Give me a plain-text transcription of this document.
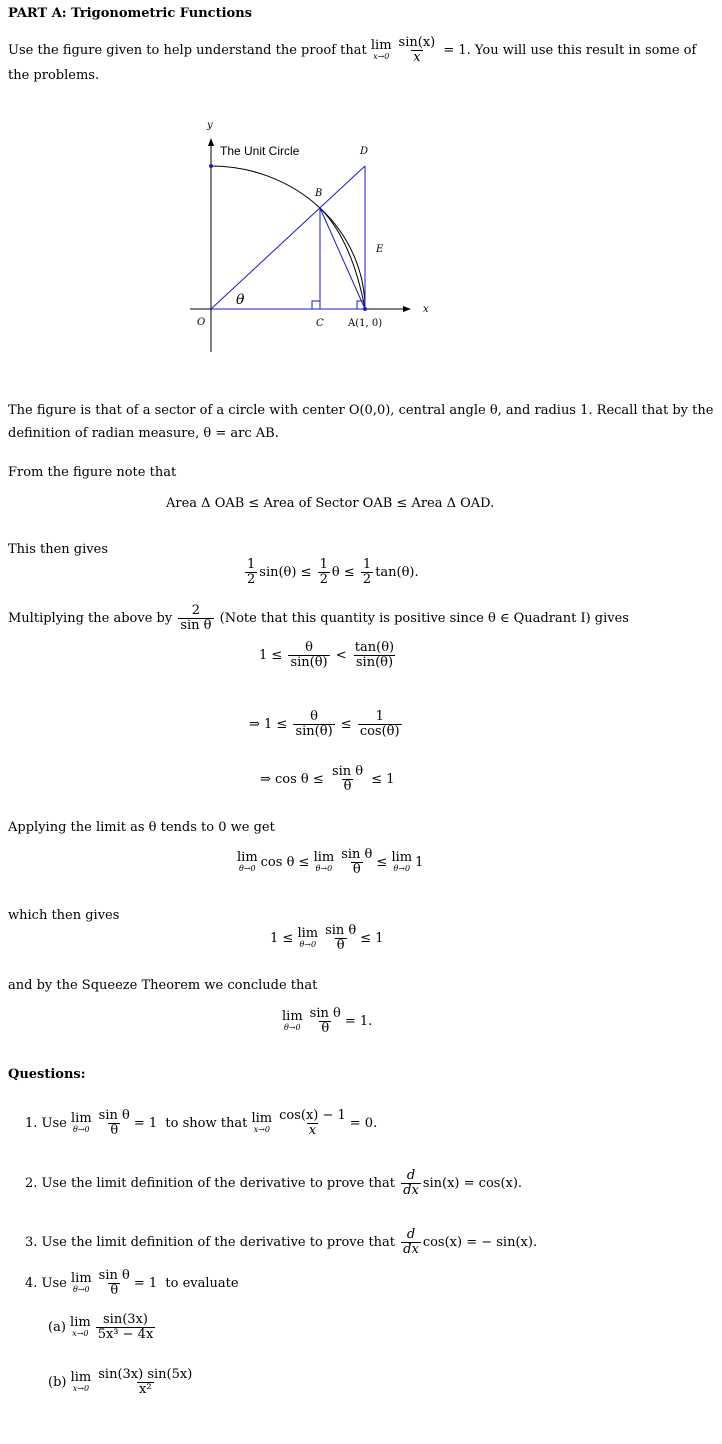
PART A: Trigonometric Functions
Use the figure given to help understand the proof that lim
$x\to 0 \frac{\sin(x)}{x} = 1$. You will use this result in some of
the problems.
y
The Unit Circle	D
B
E
θ
O	C A(1, 0)
x
The figure is that of a sector of a circle with center O(0,0), central angle θ, and radius 1. Recall that by the
definition of radian measure, θ = arc AB.
From the figure note that
Area Δ OAB ≤ Area of Sector OAB ≤ Area Δ OAD.
This then gives
$\frac{1}{2} \sin(\theta) \le \frac{1}{2}$ $\theta \le \frac{1}{2} \tan(\theta)$.
Multiplying the above by $\frac{2}{\text{sin θ}}$ (Note that this quantity is positive since θ ∈ Quadrant I) gives
$1 \le \frac{\theta}{\sin(\theta)} < \frac{\tan(\theta)}{\sin(\theta)}$
⇒ $1 \le \frac{\theta}{\sin(\theta)} \le \frac{1}{\cos(\theta)}$
⇒ $\cos \theta \le \frac{\text{sin θ}}{\theta} \le 1$
Applying the limit as θ tends to 0 we get
lim
θ→0 cos θ ≤ lim
$\theta\to 0 \frac{\text{sin θ}}{\theta} \le \lim$
θ→0 1
which then gives
1 ≤ lim
$\theta\to 0 \frac{\text{sin θ}}{\theta} \le 1$
and by the Squeeze Theorem we conclude that
lim
$\theta\to 0 \frac{\text{sin θ}}{\theta} = 1$.
Questions:
1. Use lim
$\theta\to 0 \frac{\text{sin θ}}{\theta} = 1$ to show that lim
$x\to 0 \frac{\cos(x) - 1}{x} = 0$.
2. Use the limit definition of the derivative to prove that $\frac{d}{dx} \sin(x) = \cos(x)$.
3. Use the limit definition of the derivative to prove that $\frac{d}{dx} \cos(x)$ = − sin(x).
4. Use lim
$\theta\to 0 \frac{\text{sin θ}}{\theta} = 1$ to evaluate
(a) lim
$x\to 0 \frac{\sin(3x)}{\text{5x³ − 4x}}$
(b) lim
$x\to 0 \frac{\sin(3x) \sin(5x)}{\text{x²}}$
